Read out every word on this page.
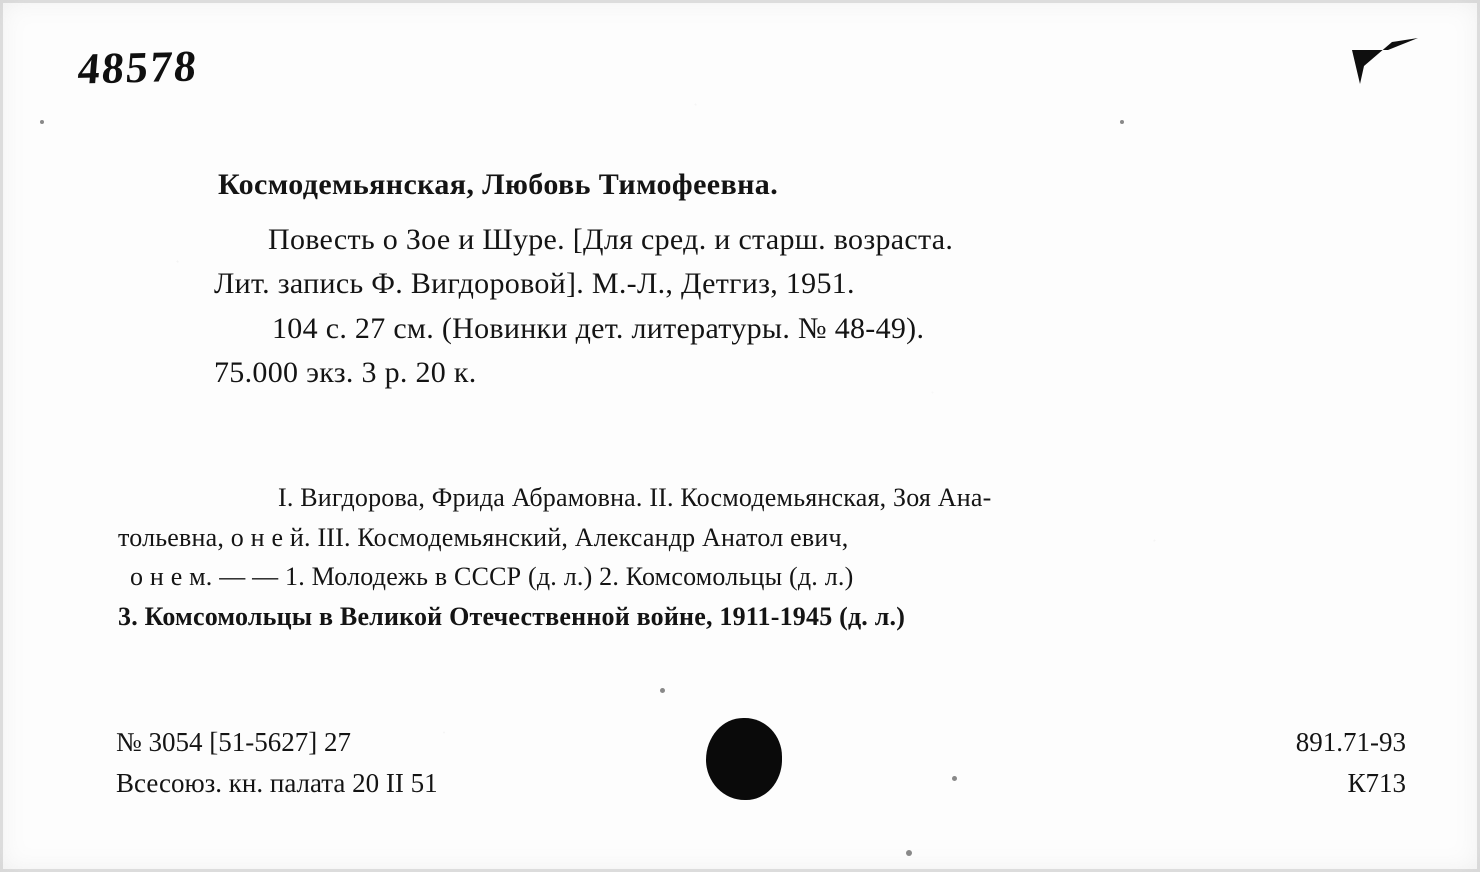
48578
Космодемьянская, Любовь Тимофеевна.
Повесть о Зое и Шуре. [Для сред. и старш. возраста.
Лит. запись Ф. Вигдоровой]. М.-Л., Детгиз, 1951.
104 с. 27 см. (Новинки дет. литературы. № 48-49).
75.000 экз. 3 р. 20 к.
I. Вигдорова, Фрида Абрамовна. II. Космодемьянская, Зоя Ана-
тольевна, о н е й. III. Космодемьянский, Александр Анатол евич,
о н е м. — — 1. Молодежь в СССР (д. л.) 2. Комсомольцы (д. л.)
3. Комсомольцы в Великой Отечественной войне, 1911-1945 (д. л.)
№ 3054 [51-5627] 27
Всесоюз. кн. палата 20 II 51
891.71-93
К713
